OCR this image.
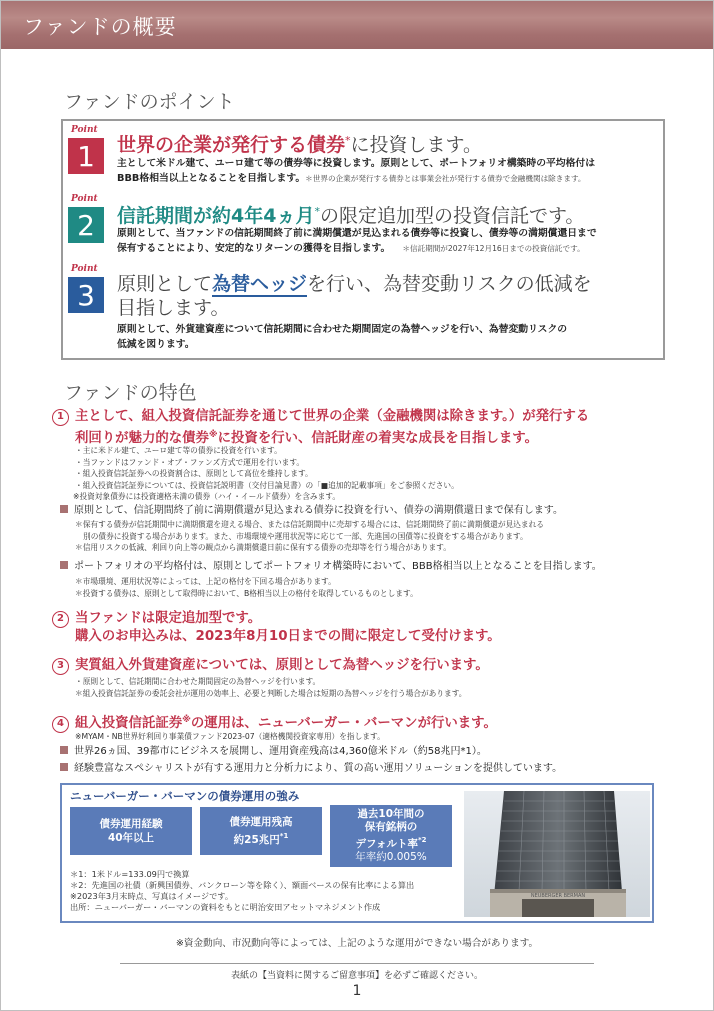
ファンドの概要
ファンドのポイント
Point
1	世界の企業が発行する債券*に投資します。
主として米ドル建て、ユーロ建て等の債券等に投資します。原則として、ポートフォリオ構築時の平均格付は
BBB格相当以上となることを目指します。＊世界の企業が発行する債券とは事業会社が発行する債券で金融機関は除きます。
Point
2	信託期間が約4年4ヵ月*の限定追加型の投資信託です。
原則として、当ファンドの信託期間終了前に満期償還が見込まれる債券等に投資し、債券等の満期償還日まで
保有することにより、安定的なリターンの獲得を目指します。 ＊信託期間が2027年12月16日までの投資信託です。
Point
3	原則として為替ヘッジを行い、為替変動リスクの低減を
目指します。
原則として、外貨建資産について信託期間に合わせた期間固定の為替ヘッジを行い、為替変動リスクの
低減を図ります。
ファンドの特色
1 主として、組入投資信託証券を通じて世界の企業（金融機関は除きます。）が発行する
利回りが魅力的な債券※に投資を行い、信託財産の着実な成長を目指します。
・主に米ドル建て、ユーロ建て等の債券に投資を行います。
・当ファンドはファンド・オブ・ファンズ方式で運用を行います。
・組入投資信託証券への投資割合は、原則として高位を維持します。
・組入投資信託証券については、投資信託説明書（交付目論見書）の「■追加的記載事項」をご参照ください。
※投資対象債券には投資適格未満の債券（ハイ・イールド債券）を含みます。
原則として、信託期間終了前に満期償還が見込まれる債券に投資を行い、債券の満期償還日まで保有します。
＊保有する債券が信託期間中に満期償還を迎える場合、または信託期間中に売却する場合には、信託期間終了前に満期償還が見込まれる
別の債券に投資する場合があります。また、市場環境や運用状況等に応じて一部、先進国の国債等に投資をする場合があります。
＊信用リスクの低減、利回り向上等の観点から満期償還日前に保有する債券の売却等を行う場合があります。
ポートフォリオの平均格付は、原則としてポートフォリオ構築時において、BBB格相当以上となることを目指します。
＊市場環境、運用状況等によっては、上記の格付を下回る場合があります。
＊投資する債券は、原則として取得時において、B格相当以上の格付を取得しているものとします。
2 当ファンドは限定追加型です。
購入のお申込みは、2023年8月10日までの間に限定して受付けます。
3 実質組入外貨建資産については、原則として為替ヘッジを行います。
・原則として、信託期間に合わせた期間固定の為替ヘッジを行います。
＊組入投資信託証券の委託会社が運用の効率上、必要と判断した場合は短期の為替ヘッジを行う場合があります。
4 組入投資信託証券※の運用は、ニューバーガー・バーマンが行います。
※MYAM・NB世界好利回り事業債ファンド2023-07（適格機関投資家専用）を指します。
世界26ヵ国、39都市にビジネスを展開し、運用資産残高は4,360億米ドル（約58兆円*1）。
経験豊富なスペシャリストが有する運用力と分析力により、質の高い運用ソリューションを提供しています。
ニューバーガー・バーマンの債券運用の強み
債券運用経験
40年以上
債券運用残高
約25兆円$^{*1}$
過去10年間の
保有銘柄の
デフォルト率$^{*2}$
年率約0.005%
＊1：1米ドル=133.09円で換算
＊2：先進国の社債（新興国債券、バンクローン等を除く）、額面ベースの保有比率による算出
※2023年3月末時点、写真はイメージです。
出所：ニューバーガー・バーマンの資料をもとに明治安田アセットマネジメント作成
NEUBERGER BERMAN
※資金動向、市況動向等によっては、上記のような運用ができない場合があります。
表紙の【当資料に関するご留意事項】を必ずご確認ください。
1
